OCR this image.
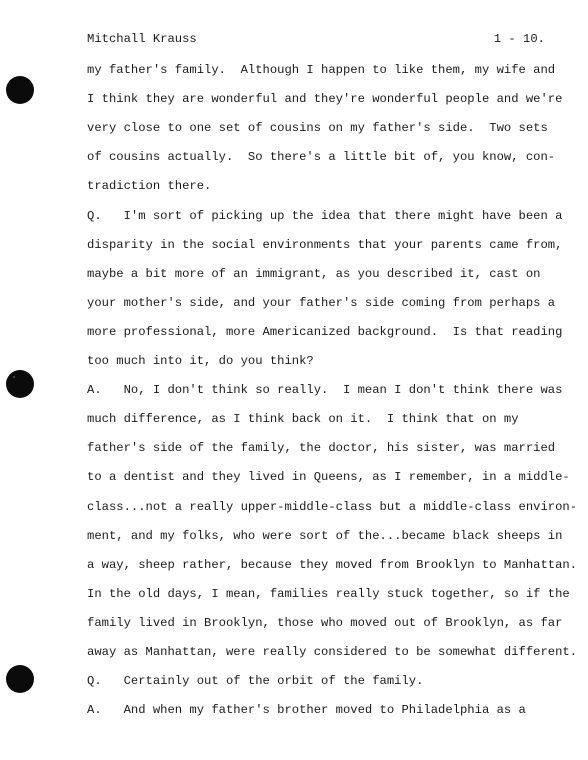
Mitchall Krauss	1 - 10.
my father's family.  Although I happen to like them, my wife and
I think they are wonderful and they're wonderful people and we're
very close to one set of cousins on my father's side.  Two sets
of cousins actually.  So there's a little bit of, you know, con-
tradiction there.
Q.   I'm sort of picking up the idea that there might have been a
disparity in the social environments that your parents came from,
maybe a bit more of an immigrant, as you described it, cast on
your mother's side, and your father's side coming from perhaps a
more professional, more Americanized background.  Is that reading
too much into it, do you think?
A.   No, I don't think so really.  I mean I don't think there was
much difference, as I think back on it.  I think that on my
father's side of the family, the doctor, his sister, was married
to a dentist and they lived in Queens, as I remember, in a middle-
class...not a really upper-middle-class but a middle-class environ-
ment, and my folks, who were sort of the...became black sheeps in
a way, sheep rather, because they moved from Brooklyn to Manhattan.
In the old days, I mean, families really stuck together, so if the
family lived in Brooklyn, those who moved out of Brooklyn, as far
away as Manhattan, were really considered to be somewhat different.
Q.   Certainly out of the orbit of the family.
A.   And when my father's brother moved to Philadelphia as a
